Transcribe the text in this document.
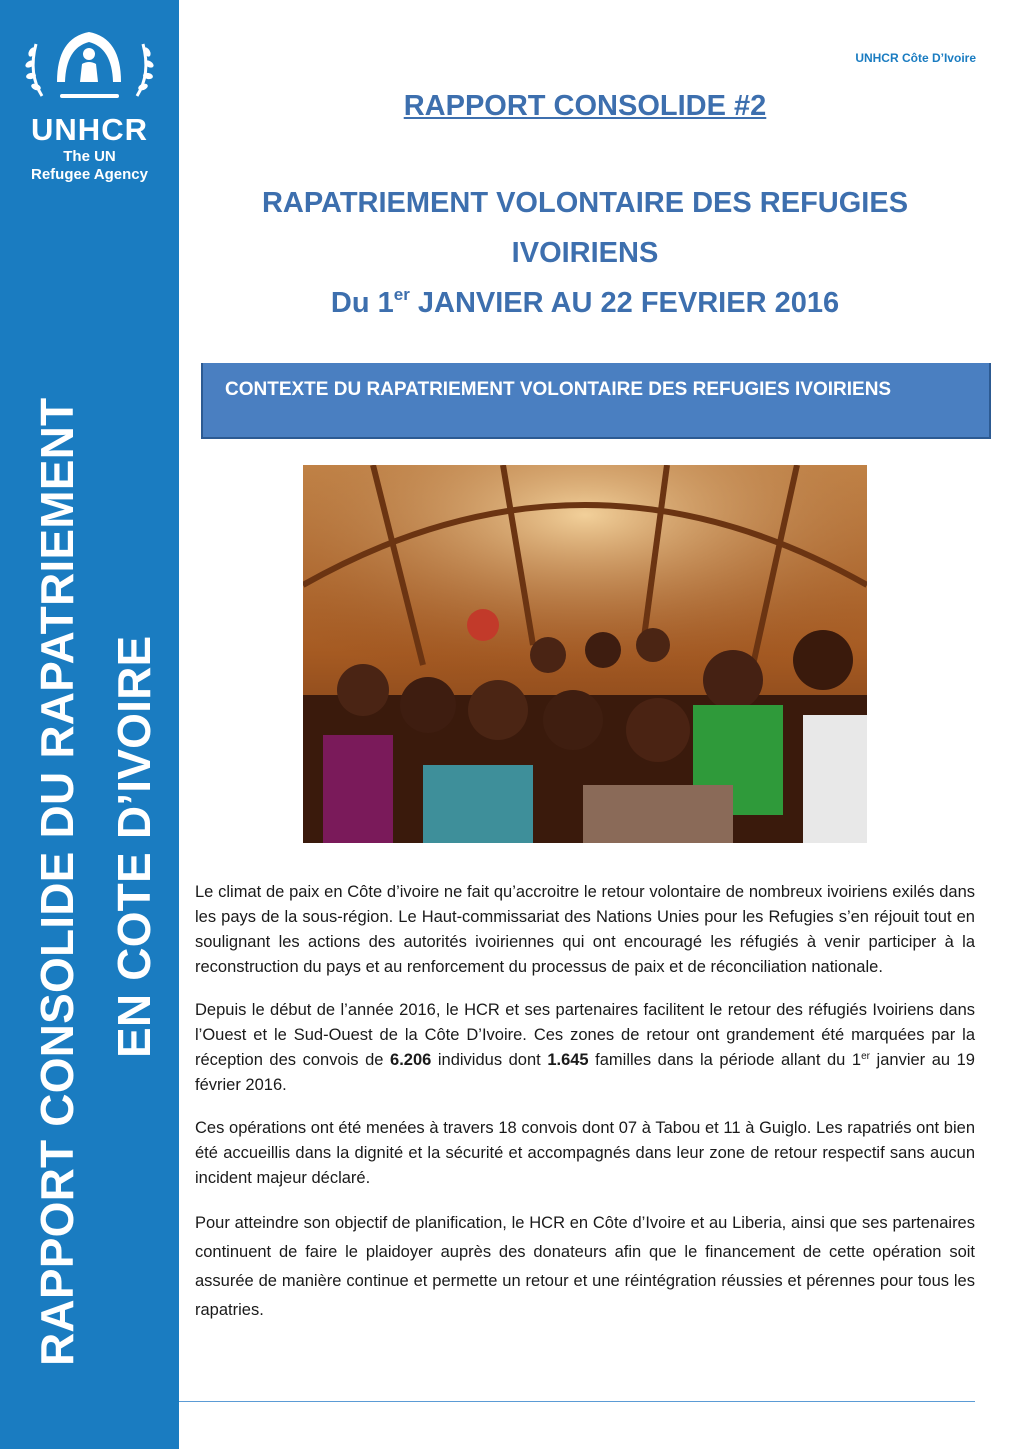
UNHCR
The UN
Refugee Agency
RAPPORT CONSOLIDE DU RAPATRIEMENT EN COTE D’IVOIRE
UNHCR Côte D’Ivoire
RAPPORT CONSOLIDE #2
RAPATRIEMENT VOLONTAIRE DES REFUGIES
IVOIRIENS
Du 1er JANVIER AU 22 FEVRIER 2016
CONTEXTE DU RAPATRIEMENT VOLONTAIRE DES REFUGIES IVOIRIENS

Le climat de paix en Côte d’ivoire ne fait qu’accroitre le retour volontaire de nombreux ivoiriens exilés dans les pays de la sous-région. Le Haut-commissariat des Nations Unies pour les Refugies s’en réjouit tout en soulignant les actions des autorités ivoiriennes qui ont encouragé les réfugiés à venir participer à la reconstruction du pays et au renforcement du processus de paix et de réconciliation nationale.

Depuis le début de l’année 2016, le HCR et ses partenaires facilitent le retour des réfugiés Ivoiriens dans l’Ouest et le Sud-Ouest de la Côte D’Ivoire. Ces zones de retour ont grandement été marquées par la réception des convois de 6.206 individus dont 1.645 familles dans la période allant du 1er janvier au 19 février 2016.

Ces opérations ont été menées à travers 18 convois dont 07 à Tabou et 11 à Guiglo. Les rapatriés ont bien été accueillis dans la dignité et la sécurité et accompagnés dans leur zone de retour respectif sans aucun incident majeur déclaré.

Pour atteindre son objectif de planification, le HCR en Côte d’Ivoire et au Liberia, ainsi que ses partenaires continuent de faire le plaidoyer auprès des donateurs afin que le financement de cette opération soit assurée de manière continue et permette un retour et une réintégration réussies et pérennes pour tous les rapatries.
